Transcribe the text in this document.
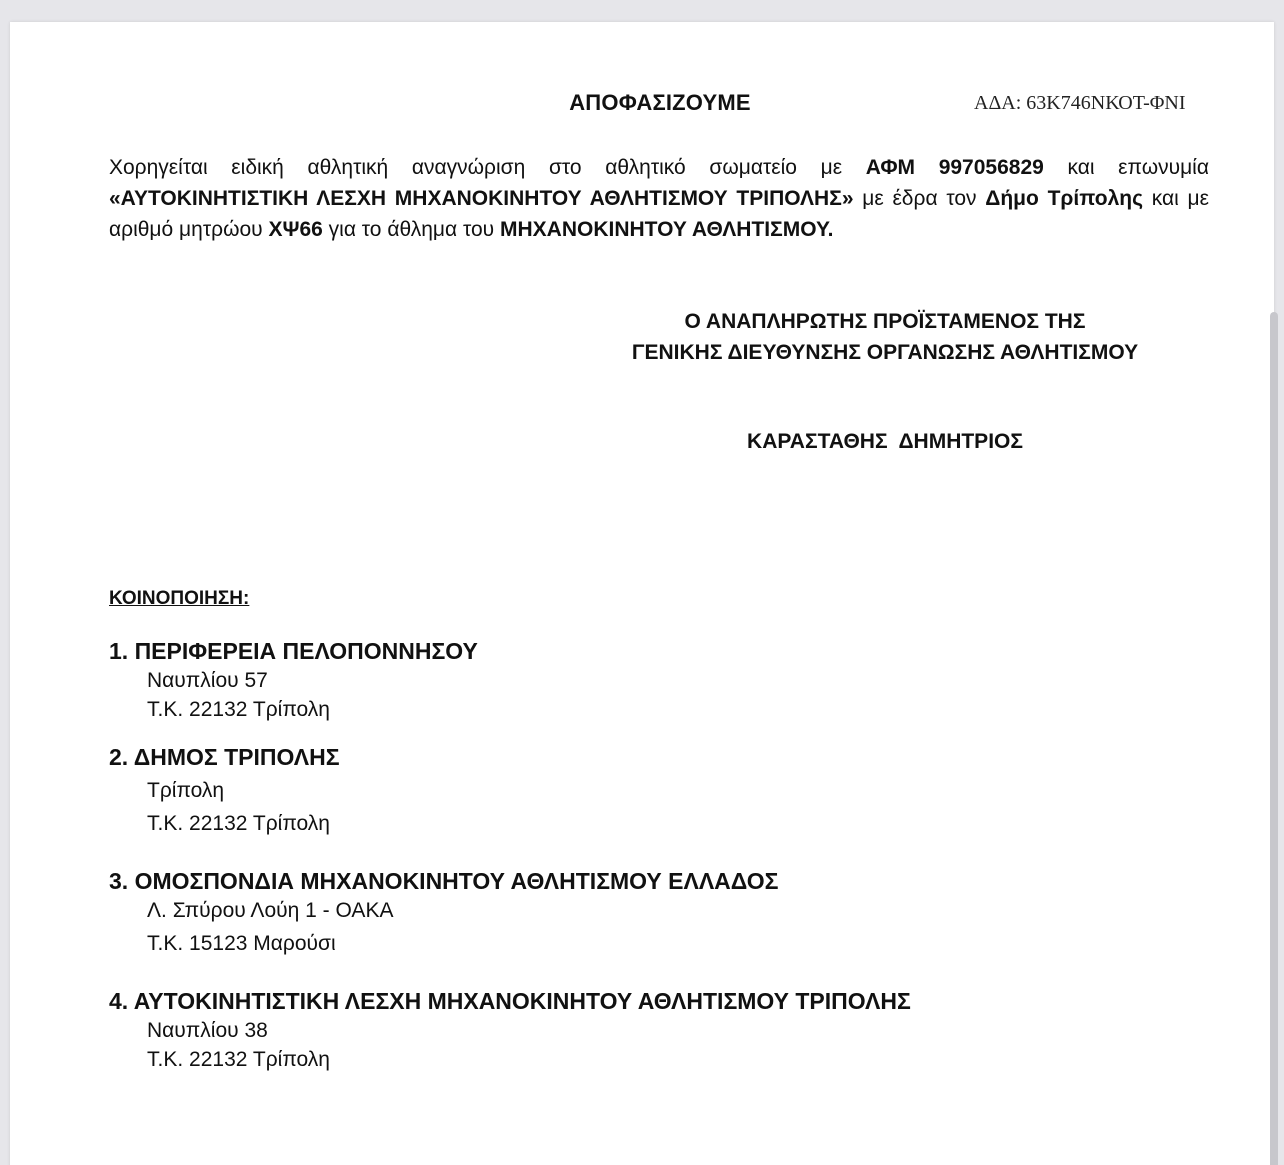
ΑΠΟΦΑΣΙΖΟΥΜΕ	ΑΔΑ: 63Κ746ΝΚΟΤ-ΦΝΙ
Χορηγείται ειδική αθλητική αναγνώριση στο αθλητικό σωματείο με ΑΦΜ 997056829 και επωνυμία «ΑΥΤΟΚΙΝΗΤΙΣΤΙΚΗ ΛΕΣΧΗ ΜΗΧΑΝΟΚΙΝΗΤΟΥ ΑΘΛΗΤΙΣΜΟΥ ΤΡΙΠΟΛΗΣ» με έδρα τον Δήμο Τρίπολης και με αριθμό μητρώου ΧΨ66 για το άθλημα του ΜΗΧΑΝΟΚΙΝΗΤΟΥ ΑΘΛΗΤΙΣΜΟΥ.
Ο ΑΝΑΠΛΗΡΩΤΗΣ ΠΡΟΪΣΤΑΜΕΝΟΣ ΤΗΣ
ΓΕΝΙΚΗΣ ΔΙΕΥΘΥΝΣΗΣ ΟΡΓΑΝΩΣΗΣ ΑΘΛΗΤΙΣΜΟΥ
ΚΑΡΑΣΤΑΘΗΣ  ΔΗΜΗΤΡΙΟΣ
ΚΟΙΝΟΠΟΙΗΣΗ:
1. ΠΕΡΙΦΕΡΕΙΑ ΠΕΛΟΠΟΝΝΗΣΟΥ
Ναυπλίου 57
Τ.Κ. 22132 Τρίπολη
2. ΔΗΜΟΣ ΤΡΙΠΟΛΗΣ
Τρίπολη
Τ.Κ. 22132 Τρίπολη
3. ΟΜΟΣΠΟΝΔΙΑ ΜΗΧΑΝΟΚΙΝΗΤΟΥ ΑΘΛΗΤΙΣΜΟΥ ΕΛΛΑΔΟΣ
Λ. Σπύρου Λούη 1 - ΟΑΚΑ
Τ.Κ. 15123 Μαρούσι
4. ΑΥΤΟΚΙΝΗΤΙΣΤΙΚΗ ΛΕΣΧΗ ΜΗΧΑΝΟΚΙΝΗΤΟΥ ΑΘΛΗΤΙΣΜΟΥ ΤΡΙΠΟΛΗΣ
Ναυπλίου 38
Τ.Κ. 22132 Τρίπολη
